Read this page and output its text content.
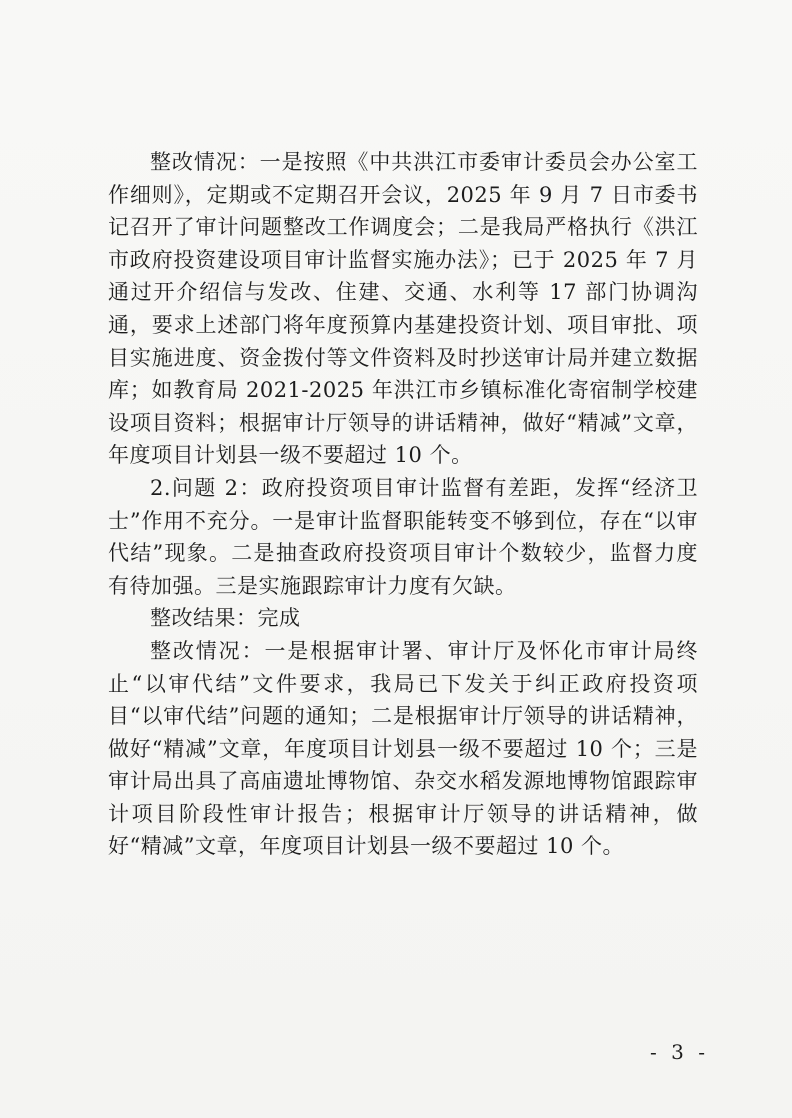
整改情况：一是按照《中共洪江市委审计委员会办公室工作细则》，定期或不定期召开会议，2025 年 9 月 7 日市委书记召开了审计问题整改工作调度会；二是我局严格执行《洪江市政府投资建设项目审计监督实施办法》；已于 2025 年 7 月通过开介绍信与发改、住建、交通、水利等 17 部门协调沟通，要求上述部门将年度预算内基建投资计划、项目审批、项目实施进度、资金拨付等文件资料及时抄送审计局并建立数据库；如教育局 2021-2025 年洪江市乡镇标准化寄宿制学校建设项目资料；根据审计厅领导的讲话精神，做好“精减”文章，年度项目计划县一级不要超过 10 个。

2.问题 2：政府投资项目审计监督有差距，发挥“经济卫士”作用不充分。一是审计监督职能转变不够到位，存在“以审代结”现象。二是抽查政府投资项目审计个数较少，监督力度有待加强。三是实施跟踪审计力度有欠缺。

整改结果：完成

整改情况：一是根据审计署、审计厅及怀化市审计局终止“以审代结”文件要求，我局已下发关于纠正政府投资项目“以审代结”问题的通知；二是根据审计厅领导的讲话精神，做好“精减”文章，年度项目计划县一级不要超过 10 个；三是审计局出具了高庙遗址博物馆、杂交水稻发源地博物馆跟踪审计项目阶段性审计报告；根据审计厅领导的讲话精神，做好“精减”文章，年度项目计划县一级不要超过 10 个。

- 3 -
